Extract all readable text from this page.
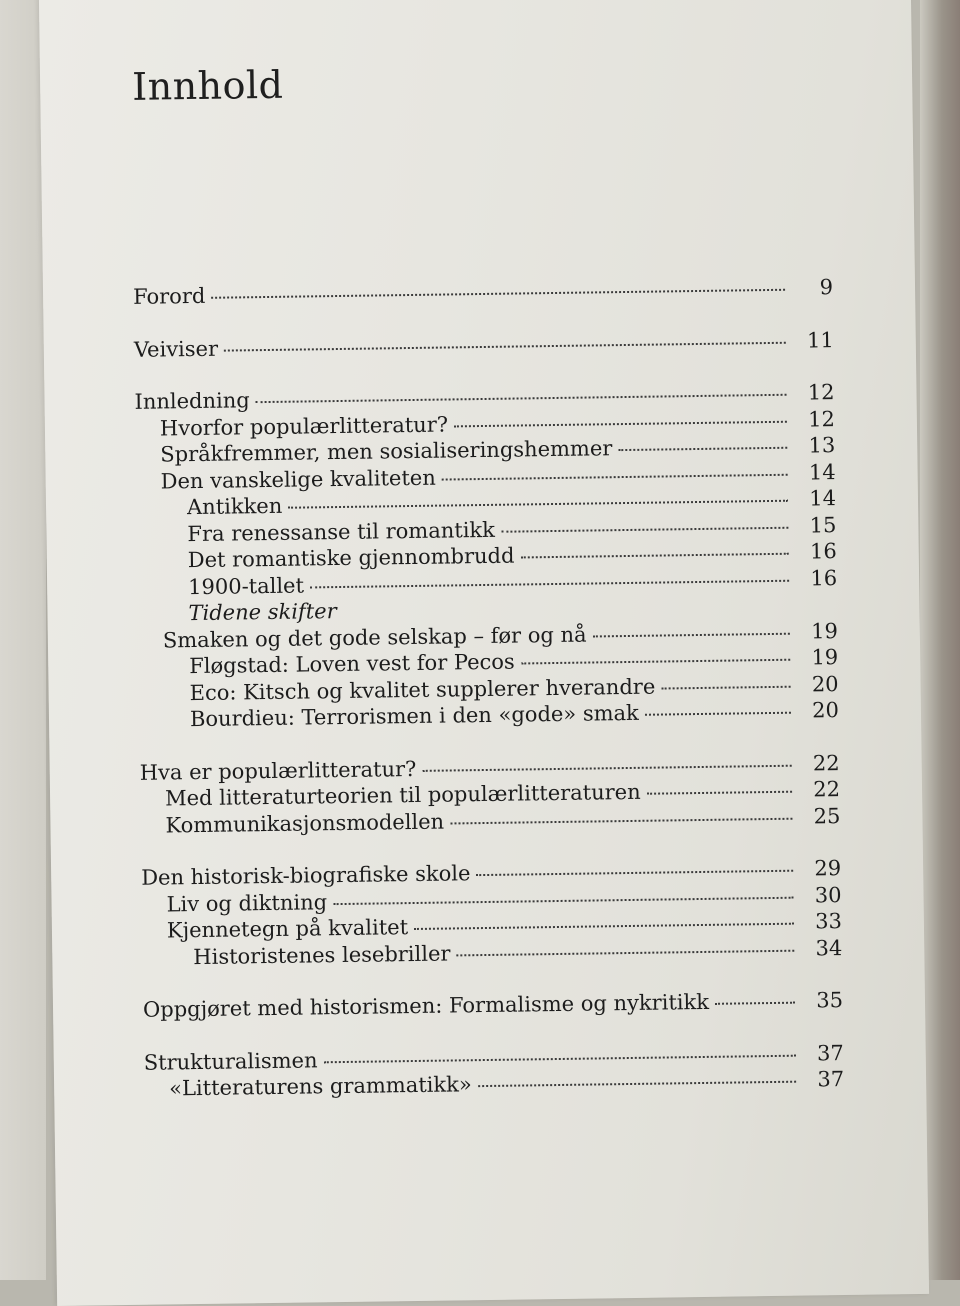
Innhold
Forord	9
Veiviser	11
Innledning	12
Hvorfor populærlitteratur?	12
Språkfremmer, men sosialiseringshemmer	13
Den vanskelige kvaliteten	14
Antikken	14
Fra renessanse til romantikk	15
Det romantiske gjennombrudd	16
1900-tallet	16
Tidene skifter
Smaken og det gode selskap – før og nå	19
Fløgstad: Loven vest for Pecos	19
Eco: Kitsch og kvalitet supplerer hverandre	20
Bourdieu: Terrorismen i den «gode» smak	20
Hva er populærlitteratur?	22
Med litteraturteorien til populærlitteraturen	22
Kommunikasjonsmodellen	25
Den historisk-biografiske skole	29
Liv og diktning	30
Kjennetegn på kvalitet	33
Historistenes lesebriller	34
Oppgjøret med historismen: Formalisme og nykritikk	35
Strukturalismen	37
«Litteraturens grammatikk»	37
